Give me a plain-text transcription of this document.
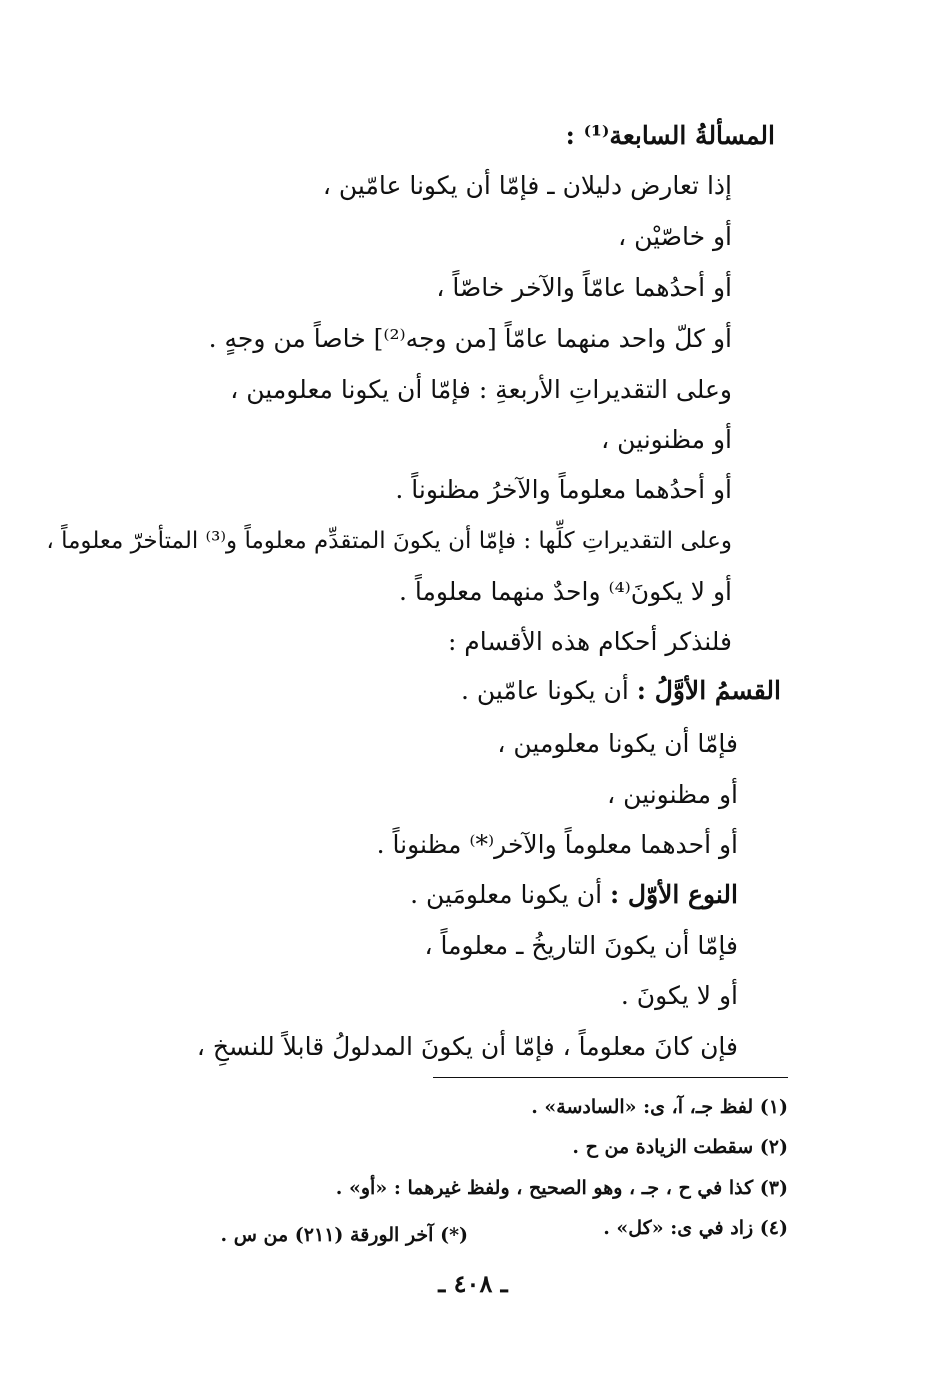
المسألةُ السابعة⁽¹⁾ :
إذا تعارض دليلان ـ فإمّا أن يكونا عامّين ،
أو خاصّيْن ،
أو أحدُهما عامّاً والآخر خاصّاً ،
أو كلّ واحد منهما عامّاً [من وجه⁽²⁾] خاصاً من وجهٍ .
وعلى التقديراتِ الأربعةِ : فإمّا أن يكونا معلومين ،
أو مظنونين ،
أو أحدُهما معلوماً والآخرُ مظنوناً .
وعلى التقديراتِ كلِّها : فإمّا أن يكونَ المتقدِّم معلوماً و⁽³⁾ المتأخرّ معلوماً ،
أو لا يكونَ⁽⁴⁾ واحدٌ منهما معلوماً .
فلنذكر أحكام هذه الأقسام :
القسمُ الأوَّلُ : أن يكونا عامّين .
فإمّا أن يكونا معلومين ،
أو مظنونين ،
أو أحدهما معلوماً والآخر⁽*⁾ مظنوناً .
النوع الأوّل : أن يكونا معلومَين .
فإمّا أن يكونَ التاريخُ ـ معلوماً ،
أو لا يكونَ .
فإن كانَ معلوماً ، فإمّا أن يكونَ المدلولُ قابلاً للنسخِ ،
(١) لفظ جـ، آ، ى: «السادسة» .
(٢) سقطت الزيادة من ح .
(٣) كذا في ح ، جـ ، وهو الصحيح ، ولفظ غيرهما : «أو» .
(٤) زاد في ى: «كل» .
(*) آخر الورقة (٢١١) من س .
ـ ٤٠٨ ـ
